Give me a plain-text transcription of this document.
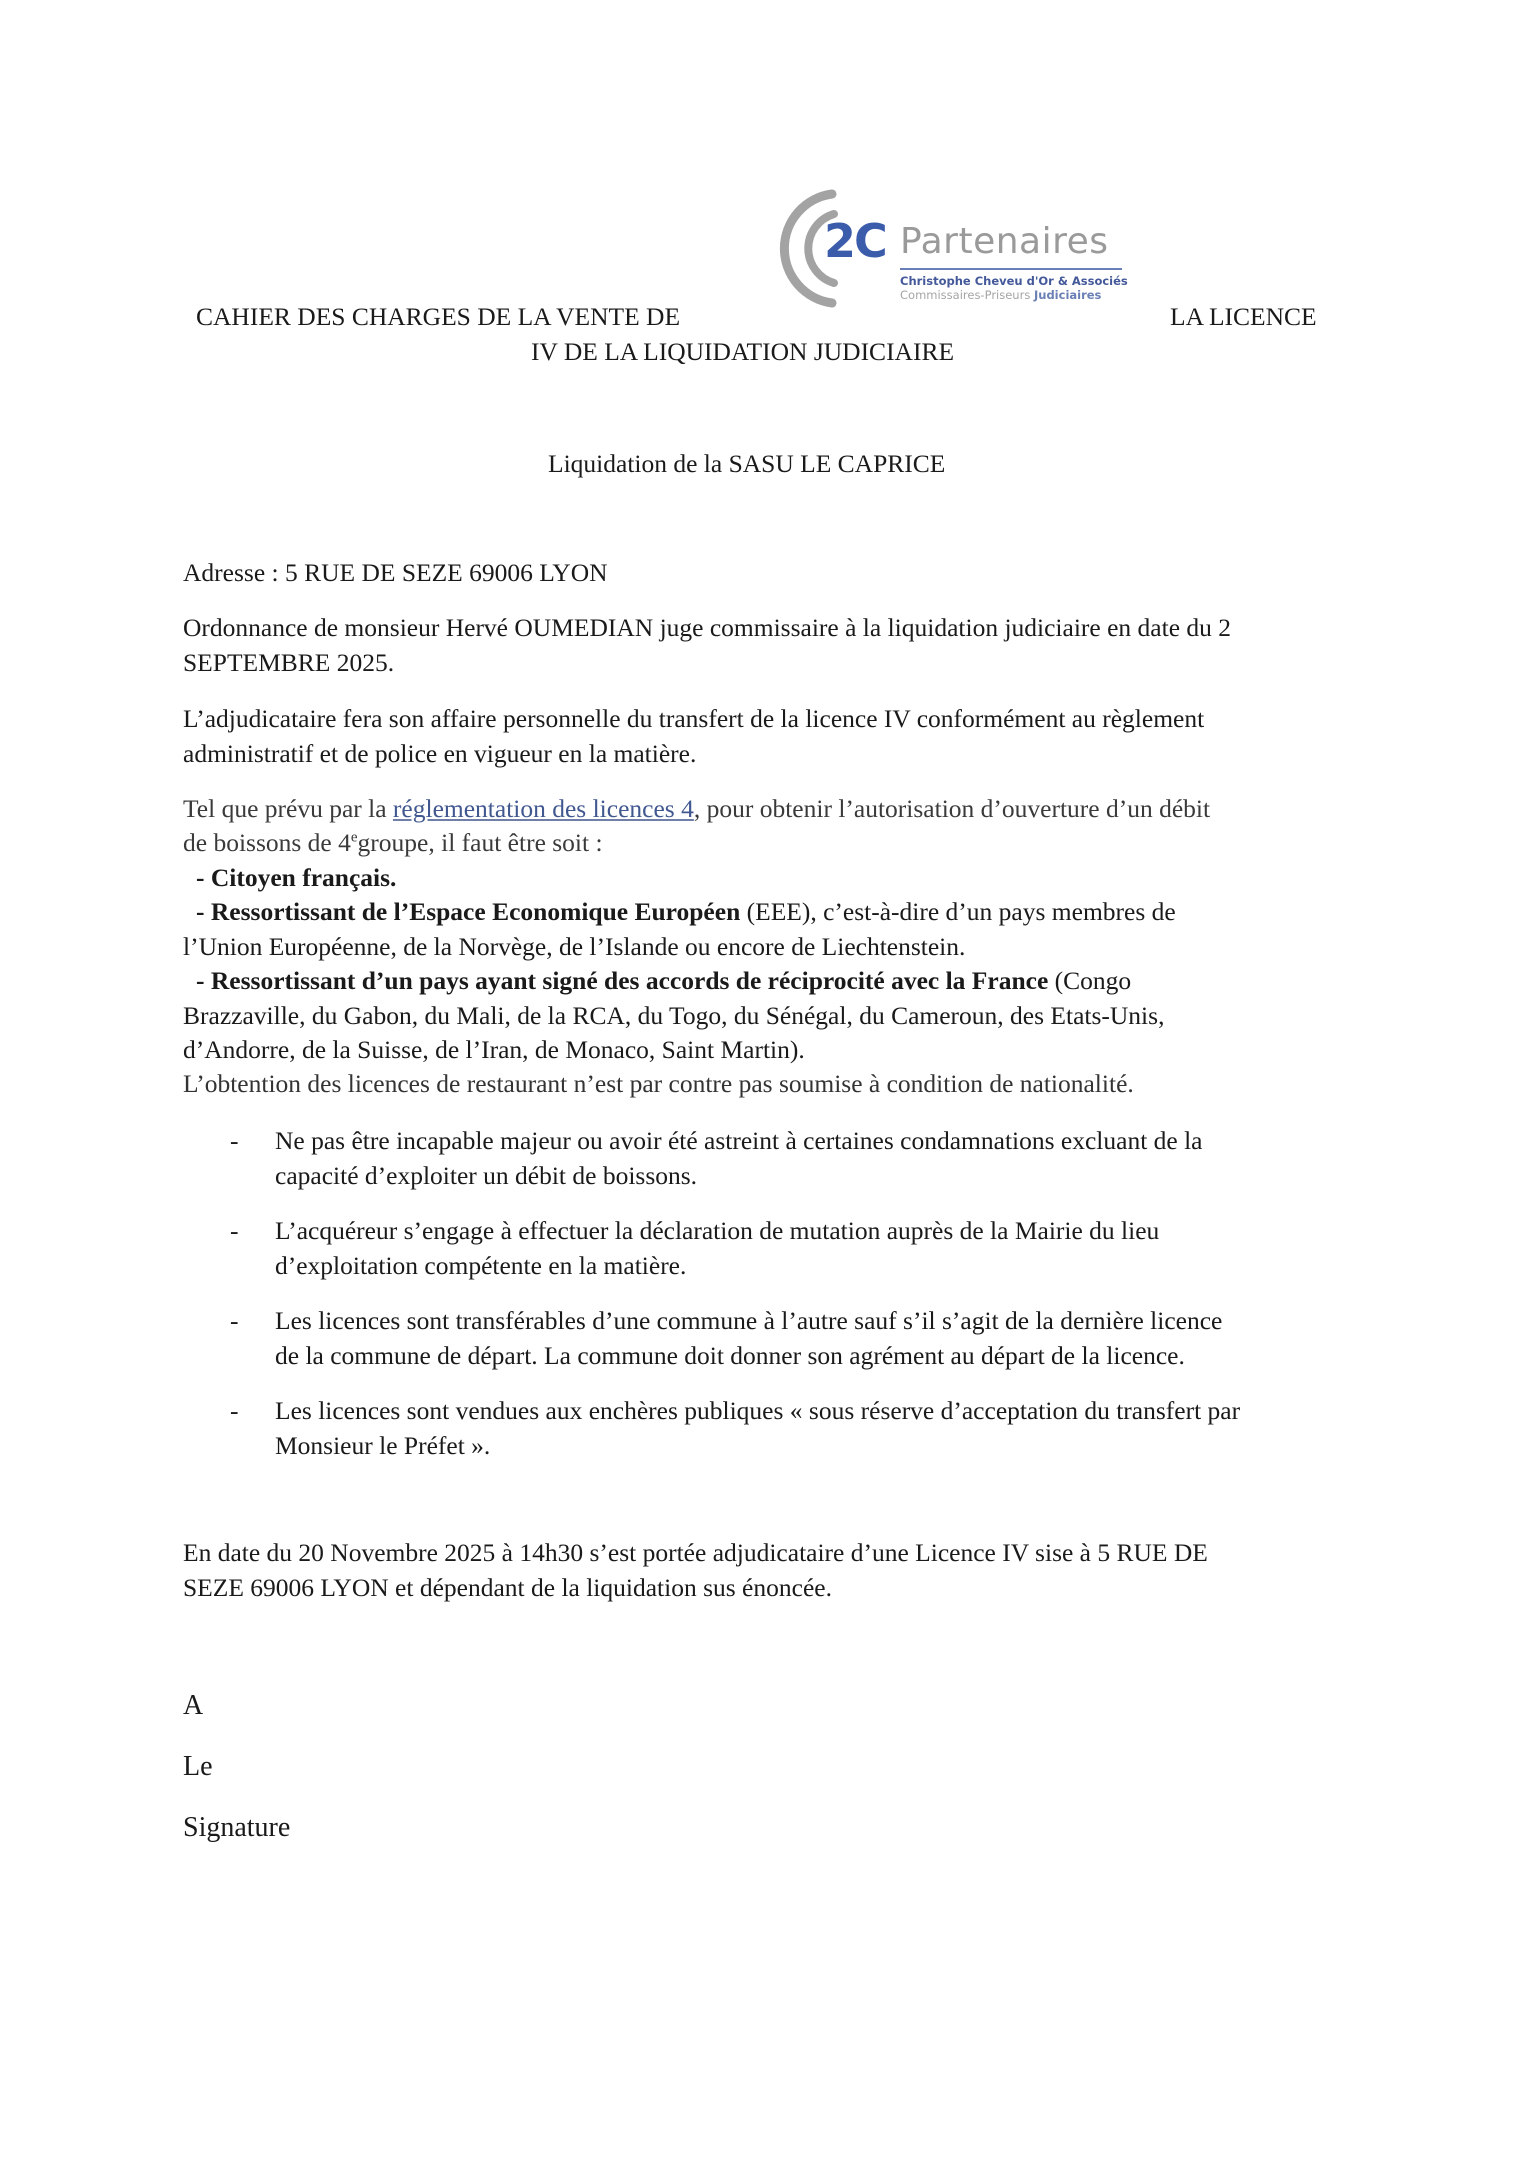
2C Partenaires
Christophe Cheveu d'Or & Associés
Commissaires-Priseurs Judiciaires
CAHIER DES CHARGES DE LA VENTE DE	LA LICENCE
IV DE LA LIQUIDATION JUDICIAIRE
Liquidation de la SASU LE CAPRICE
Adresse : 5 RUE DE SEZE 69006 LYON
Ordonnance de monsieur Hervé OUMEDIAN juge commissaire à la liquidation judiciaire en date du 2
SEPTEMBRE 2025.
L’adjudicataire fera son affaire personnelle du transfert de la licence IV conformément au règlement
administratif et de police en vigueur en la matière.
Tel que prévu par la réglementation des licences 4, pour obtenir l’autorisation d’ouverture d’un débit
de boissons de 4egroupe, il faut être soit :
- Citoyen français.
- Ressortissant de l’Espace Economique Européen (EEE), c’est-à-dire d’un pays membres de
l’Union Européenne, de la Norvège, de l’Islande ou encore de Liechtenstein.
- Ressortissant d’un pays ayant signé des accords de réciprocité avec la France (Congo
Brazzaville, du Gabon, du Mali, de la RCA, du Togo, du Sénégal, du Cameroun, des Etats-Unis,
d’Andorre, de la Suisse, de l’Iran, de Monaco, Saint Martin).
L’obtention des licences de restaurant n’est par contre pas soumise à condition de nationalité.
- Ne pas être incapable majeur ou avoir été astreint à certaines condamnations excluant de la
capacité d’exploiter un débit de boissons.
- L’acquéreur s’engage à effectuer la déclaration de mutation auprès de la Mairie du lieu
d’exploitation compétente en la matière.
- Les licences sont transférables d’une commune à l’autre sauf s’il s’agit de la dernière licence
de la commune de départ. La commune doit donner son agrément au départ de la licence.
- Les licences sont vendues aux enchères publiques « sous réserve d’acceptation du transfert par
Monsieur le Préfet ».
En date du 20 Novembre 2025 à 14h30 s’est portée adjudicataire d’une Licence IV sise à 5 RUE DE
SEZE 69006 LYON et dépendant de la liquidation sus énoncée.
A
Le
Signature
